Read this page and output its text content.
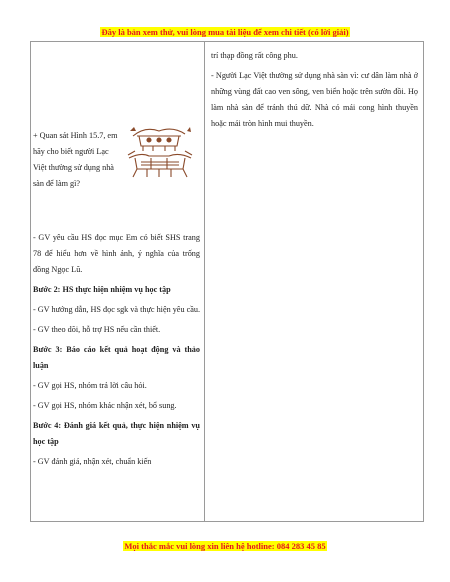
Đây là bản xem thử, vui lòng mua tài liệu để xem chi tiết (có lời giải)
+ Quan sát Hình 15.7, em hãy cho biết người Lạc Việt thường sử dụng nhà sàn để làm gì?

- GV yêu cầu HS đọc mục Em có biết SHS trang 78 để hiểu hơn về hình ảnh, ý nghĩa của trống đồng Ngọc Lũ.

Bước 2: HS thực hiện nhiệm vụ học tập

- GV hướng dẫn, HS đọc sgk và thực hiện yêu cầu.

- GV theo dõi, hỗ trợ HS nếu cần thiết.

Bước 3: Báo cáo kết quả hoạt động và thảo luận

- GV gọi HS, nhóm trả lời câu hỏi.

- GV gọi HS, nhóm khác nhận xét, bổ sung.

Bước 4: Đánh giá kết quả, thực hiện nhiệm vụ học tập

- GV đánh giá, nhận xét, chuẩn kiến

trí thạp đồng rất công phu.
- Người Lạc Việt thường sử dụng nhà sàn vì: cư dân làm nhà ở những vùng đất cao ven sông, ven biển hoặc trên sườn đồi. Họ làm nhà sàn để tránh thú dữ. Nhà có mái cong hình thuyền hoặc mái tròn hình mui thuyền.
Mọi thắc mắc vui lòng xin liên hệ hotline: 084 283 45 85
